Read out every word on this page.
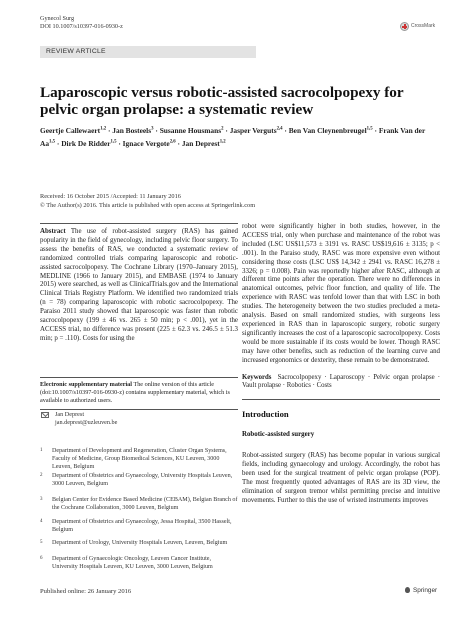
Gynecol Surg
DOI 10.1007/s10397-016-0930-z	CrossMark
REVIEW ARTICLE
Laparoscopic versus robotic-assisted sacrocolpopexy for pelvic organ prolapse: a systematic review
Geertje Callewaert$^{1,2}$ · Jan Bosteels$^3$ · Susanne Housmans$^2$ · Jasper Verguts$^{2,4}$ · Ben Van Cleynenbreugel$^{1,5}$ · Frank Van der Aa$^{1,5}$ · Dirk De Ridder$^{1,5}$ · Ignace Vergote$^{2,6}$ · Jan Deprest$^{1,2}$
Received: 16 October 2015 /Accepted: 11 January 2016
© The Author(s) 2016. This article is published with open access at Springerlink.com

Abstract The use of robot-assisted surgery (RAS) has gained popularity in the field of gynecology, including pelvic floor surgery. To assess the benefits of RAS, we conducted a systematic review of randomized controlled trials comparing laparoscopic and robotic-assisted sacrocolpopexy. The Cochrane Library (1970–January 2015), MEDLINE (1966 to January 2015), and EMBASE (1974 to January 2015) were searched, as well as ClinicalTrials.gov and the International Clinical Trials Registry Platform. We identified two randomized trials (n = 78) comparing laparoscopic with robotic sacrocolpopexy. The Paraiso 2011 study showed that laparoscopic was faster than robotic sacrocolpopexy (199 ± 46 vs. 265 ± 50 min; p < .001), yet in the ACCESS trial, no difference was present (225 ± 62.3 vs. 246.5 ± 51.3 min; p = .110). Costs for using the

Electronic supplementary material The online version of this article (doi:10.1007/s10397-016-0930-z) contains supplementary material, which is available to authorized users.
Jan Deprest
jan.deprest@uzleuven.be
1 Department of Development and Regeneration, Cluster Organ Systems, Faculty of Medicine, Group Biomedical Sciences, KU Leuven, 3000 Leuven, Belgium
2 Department of Obstetrics and Gynaecology, University Hospitals Leuven, 3000 Leuven, Belgium
3 Belgian Center for Evidence Based Medicine (CEBAM), Belgian Branch of the Cochrane Collaboration, 3000 Leuven, Belgium
4 Department of Obstetrics and Gynaecology, Jessa Hospital, 3500 Hasselt, Belgium
5 Department of Urology, University Hospitals Leuven, Leuven, Belgium
6 Department of Gynaecologic Oncology, Leuven Cancer Institute, University Hospitals Leuven, KU Leuven, 3000 Leuven, Belgium

robot were significantly higher in both studies, however, in the ACCESS trial, only when purchase and maintenance of the robot was included (LSC US$11,573 ± 3191 vs. RASC US$19,616 ± 3135; p < .001). In the Paraiso study, RASC was more expensive even without considering those costs (LSC US$ 14,342 ± 2941 vs. RASC 16,278 ± 3326; p = 0.008). Pain was reportedly higher after RASC, although at different time points after the operation. There were no differences in anatomical outcomes, pelvic floor function, and quality of life. The experience with RASC was tenfold lower than that with LSC in both studies. The heterogeneity between the two studies precluded a meta-analysis. Based on small randomized studies, with surgeons less experienced in RAS than in laparoscopic surgery, robotic surgery significantly increases the cost of a laparoscopic sacrocolpopexy. Costs would be more sustainable if its costs would be lower. Though RASC may have other benefits, such as reduction of the learning curve and increased ergonomics or dexterity, these remain to be demonstrated.

Keywords Sacrocolpopexy · Laparoscopy · Pelvic organ prolapse · Vault prolapse · Robotics · Costs

Introduction
Robotic-assisted surgery

Robot-assisted surgery (RAS) has become popular in various surgical fields, including gynaecology and urology. Accordingly, the robot has been used for the surgical treatment of pelvic organ prolapse (POP). The most frequently quoted advantages of RAS are its 3D view, the elimination of surgeon tremor whilst permitting precise and intuitive movements. Further to this the use of wristed instruments improves

Published online: 26 January 2016	Springer
